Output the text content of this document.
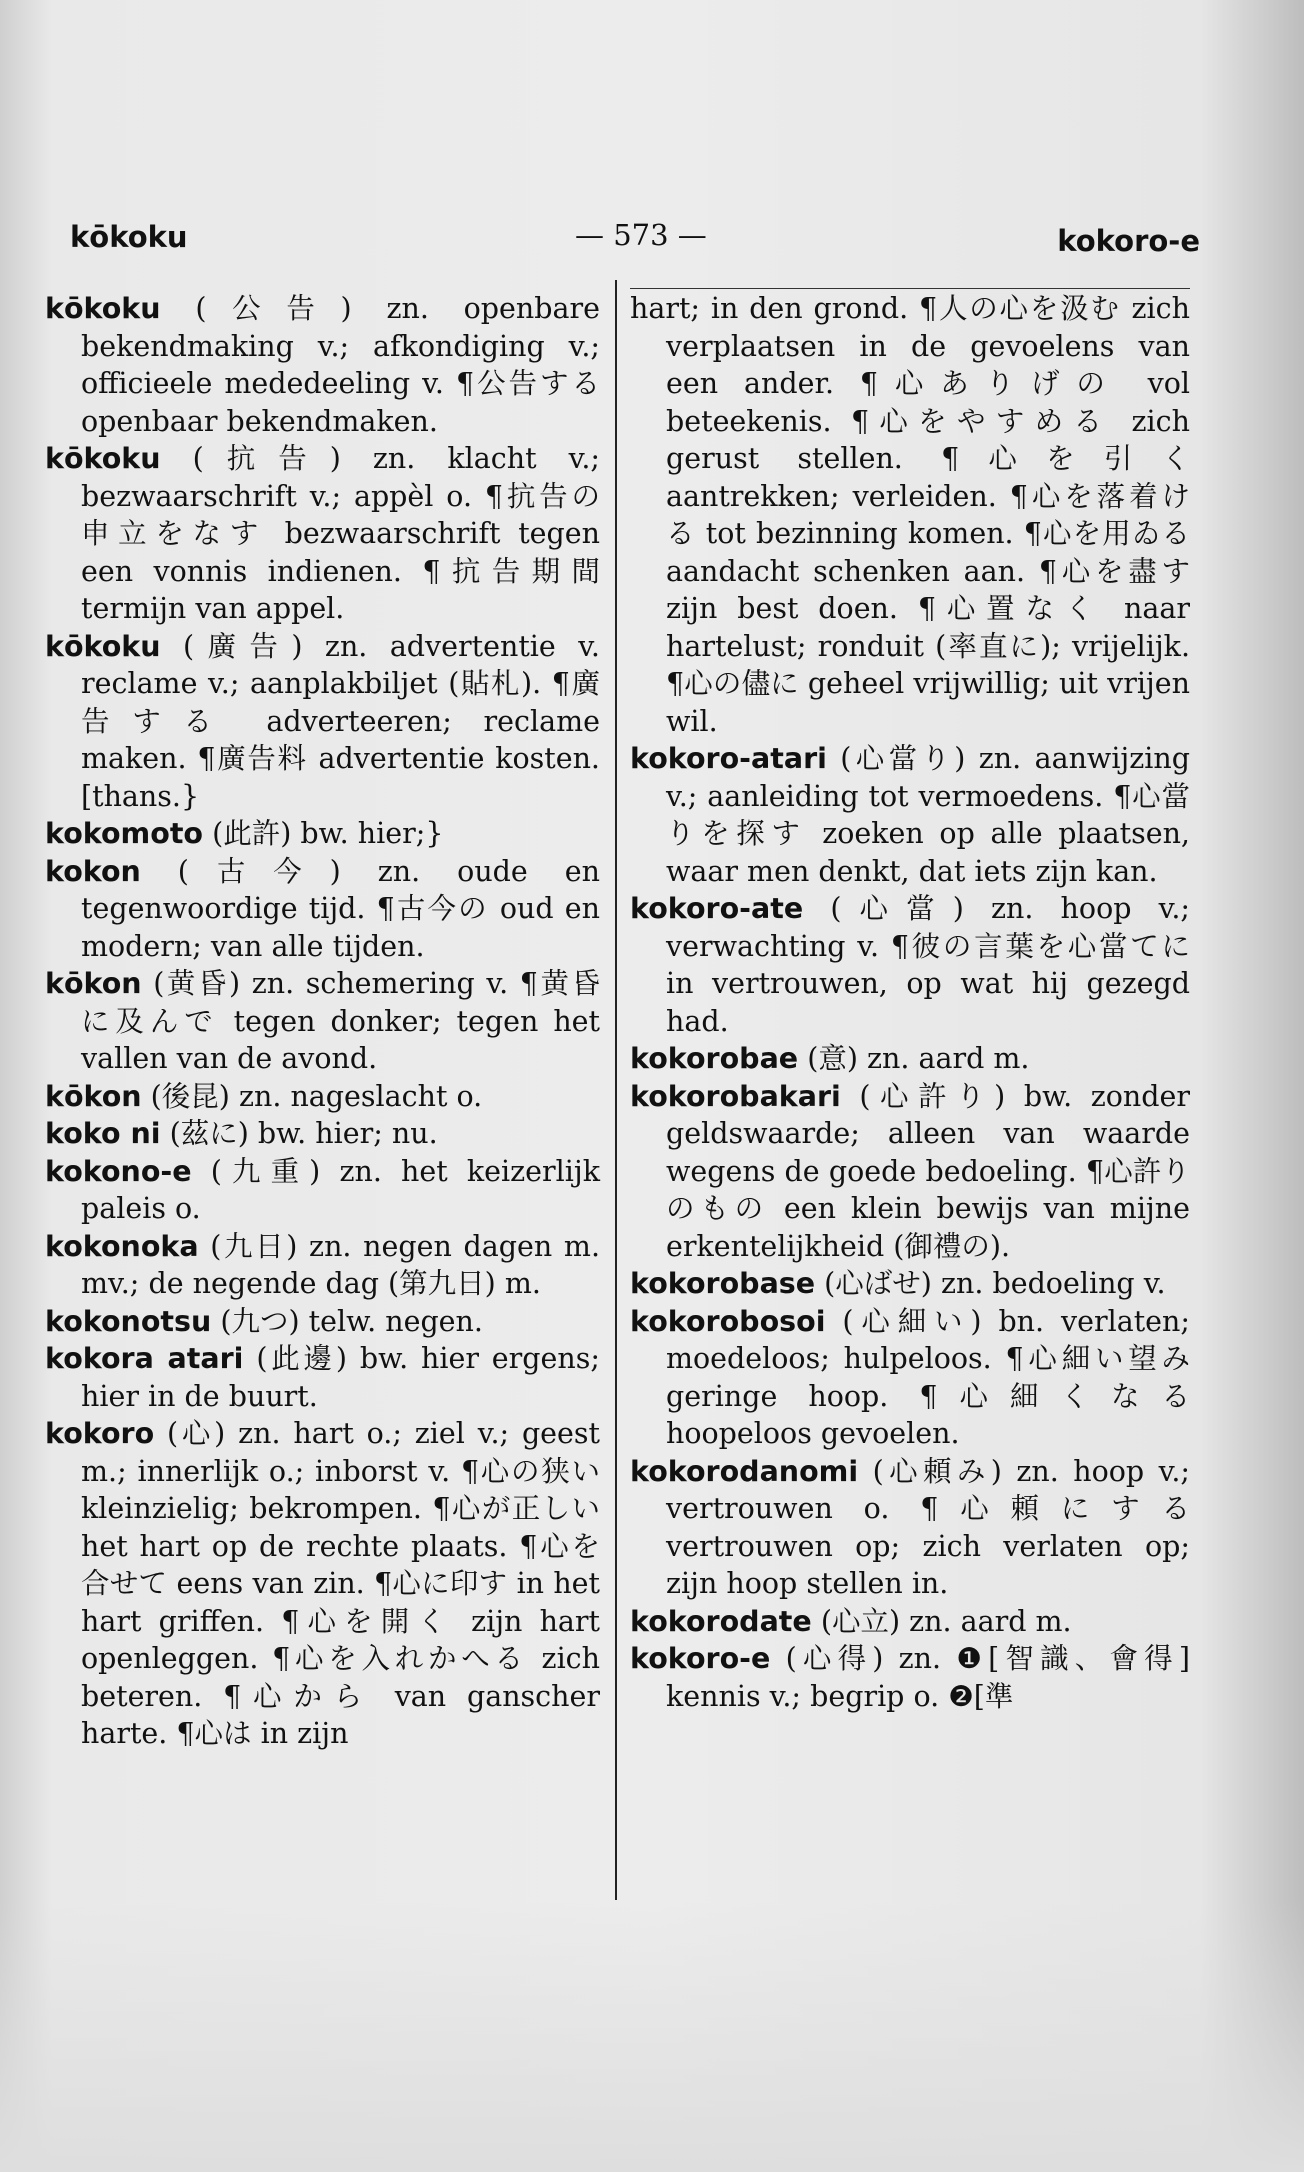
kōkoku	— 573 —	kokoro-e
kōkoku (公告) zn. openbare bekendmaking v.; afkondiging v.; officieele mededeeling v. ¶公告する openbaar bekendmaken.
kōkoku (抗告) zn. klacht v.; bezwaarschrift v.; appèl o. ¶抗告の申立をなす bezwaarschrift tegen een vonnis indienen. ¶抗告期間 termijn van appel.
kōkoku (廣告) zn. advertentie v. reclame v.; aanplakbiljet (貼札). ¶廣告する adverteeren; reclame maken. ¶廣告料 advertentie kosten. [thans.}
kokomoto (此許) bw. hier;}
kokon (古今) zn. oude en tegenwoordige tijd. ¶古今の oud en modern; van alle tijden.
kōkon (黄昏) zn. schemering v. ¶黄昏に及んで tegen donker; tegen het vallen van de avond.
kōkon (後昆) zn. nageslacht o.
koko ni (茲に) bw. hier; nu.
kokono-e (九重) zn. het keizerlijk paleis o.
kokonoka (九日) zn. negen dagen m. mv.; de negende dag (第九日) m.
kokonotsu (九つ) telw. negen.
kokora atari (此邊) bw. hier ergens; hier in de buurt.
kokoro (心) zn. hart o.; ziel v.; geest m.; innerlijk o.; inborst v. ¶心の狭い kleinzielig; bekrompen. ¶心が正しい het hart op de rechte plaats. ¶心を合せて eens van zin. ¶心に印す in het hart griffen. ¶心を開く zijn hart openleggen. ¶心を入れかへる zich beteren. ¶心から van ganscher harte. ¶心は in zijn
hart; in den grond. ¶人の心を汲む zich verplaatsen in de gevoelens van een ander. ¶心ありげの vol beteekenis. ¶心をやすめる zich gerust stellen. ¶心を引く aantrekken; verleiden. ¶心を落着ける tot bezinning komen. ¶心を用ゐる aandacht schenken aan. ¶心を盡す zijn best doen. ¶心置なく naar hartelust; ronduit (率直に); vrijelijk. ¶心の儘に geheel vrijwillig; uit vrijen wil.
kokoro-atari (心當り) zn. aanwijzing v.; aanleiding tot vermoedens. ¶心當りを探す zoeken op alle plaatsen, waar men denkt, dat iets zijn kan.
kokoro-ate (心當) zn. hoop v.; verwachting v. ¶彼の言葉を心當てに in vertrouwen, op wat hij gezegd had.
kokorobae (意) zn. aard m.
kokorobakari (心許り) bw. zonder geldswaarde; alleen van waarde wegens de goede bedoeling. ¶心許りのもの een klein bewijs van mijne erkentelijkheid (御禮の).
kokorobase (心ばせ) zn. bedoeling v.
kokorobosoi (心細い) bn. verlaten; moedeloos; hulpeloos. ¶心細い望み geringe hoop. ¶心細くなる hoopeloos gevoelen.
kokorodanomi (心頼み) zn. hoop v.; vertrouwen o. ¶心頼にする vertrouwen op; zich verlaten op; zijn hoop stellen in.
kokorodate (心立) zn. aard m.
kokoro-e (心得) zn. ❶[智識、會得] kennis v.; begrip o. ❷[準
